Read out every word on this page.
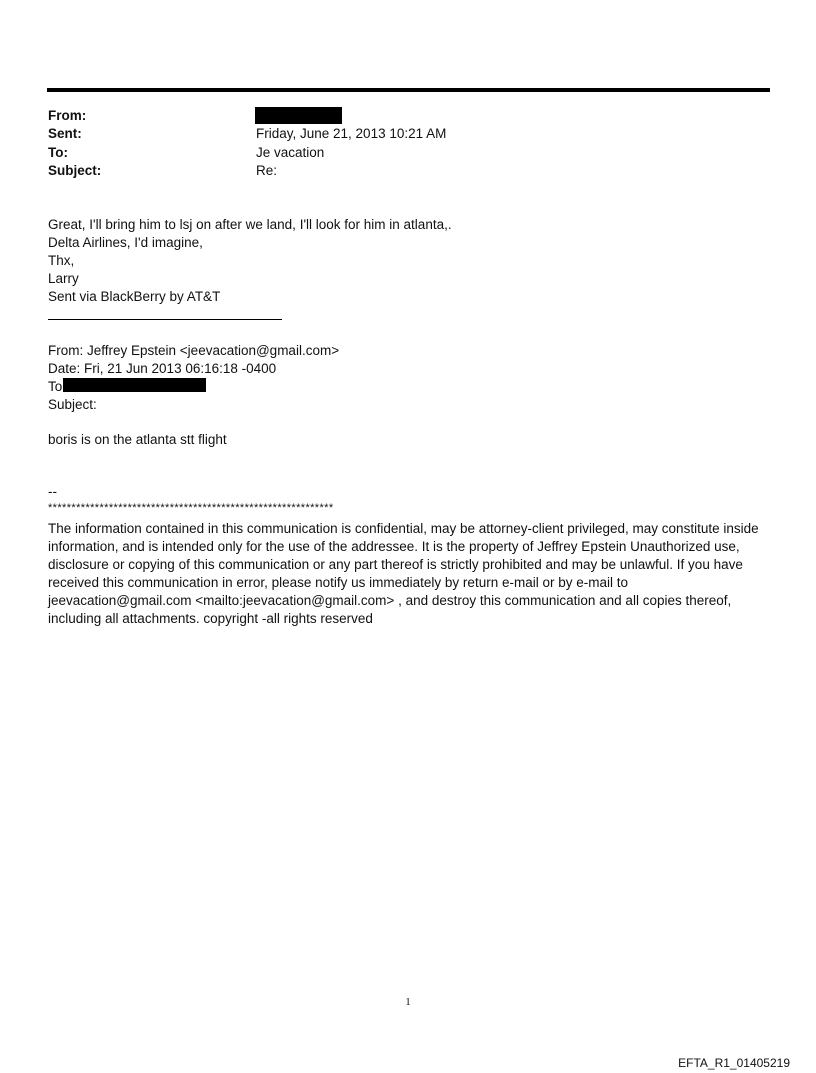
From:
Sent:	Friday, June 21, 2013 10:21 AM
To:	Je vacation
Subject:	Re:
Great, I'll bring him to lsj on after we land, I'll look for him in atlanta,.
Delta Airlines, I'd imagine,
Thx,
Larry
Sent via BlackBerry by AT&T
From: Jeffrey Epstein <jeevacation@gmail.com>
Date: Fri, 21 Jun 2013 06:16:18 -0400
To
Subject:
boris is on the atlanta stt flight
--
*************************************************************
The information contained in this communication is confidential, may be attorney-client privileged, may constitute inside information, and is intended only for the use of the addressee. It is the property of Jeffrey Epstein Unauthorized use, disclosure or copying of this communication or any part thereof is strictly prohibited and may be unlawful. If you have received this communication in error, please notify us immediately by return e-mail or by e-mail to jeevacation@gmail.com <mailto:jeevacation@gmail.com> , and destroy this communication and all copies thereof, including all attachments. copyright -all rights reserved
1
EFTA_R1_01405219
